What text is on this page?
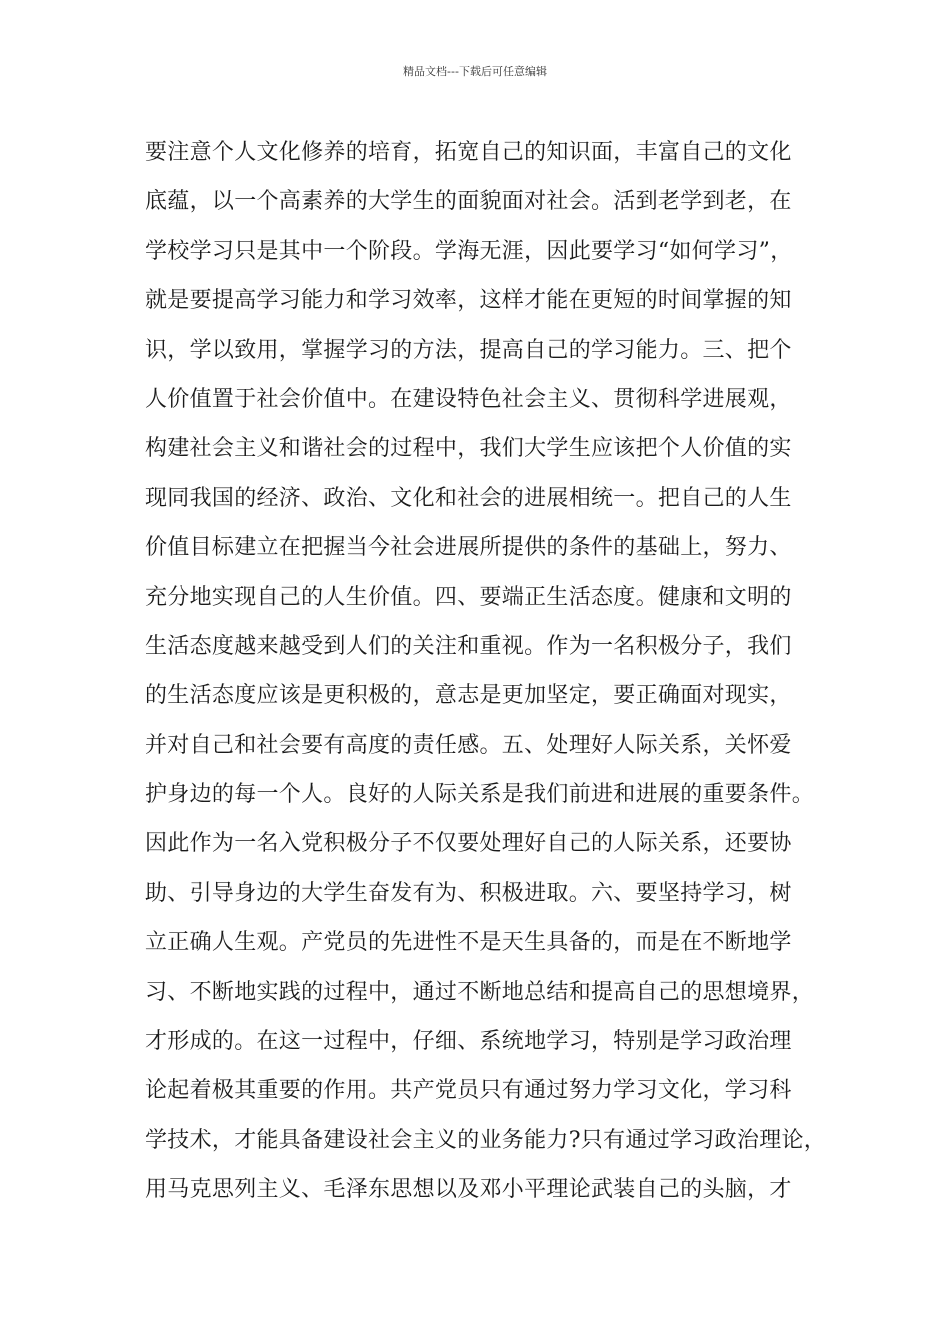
精品文档---下载后可任意编辑
要注意个人文化修养的培育，拓宽自己的知识面，丰富自己的文化
底蕴，以一个高素养的大学生的面貌面对社会。活到老学到老，在
学校学习只是其中一个阶段。学海无涯，因此要学习“如何学习”，
就是要提高学习能力和学习效率，这样才能在更短的时间掌握的知
识，学以致用，掌握学习的方法，提高自己的学习能力。三、把个
人价值置于社会价值中。在建设特色社会主义、贯彻科学进展观，
构建社会主义和谐社会的过程中，我们大学生应该把个人价值的实
现同我国的经济、政治、文化和社会的进展相统一。把自己的人生
价值目标建立在把握当今社会进展所提供的条件的基础上，努力、
充分地实现自己的人生价值。四、要端正生活态度。健康和文明的
生活态度越来越受到人们的关注和重视。作为一名积极分子，我们
的生活态度应该是更积极的，意志是更加坚定，要正确面对现实，
并对自己和社会要有高度的责任感。五、处理好人际关系，关怀爱
护身边的每一个人。良好的人际关系是我们前进和进展的重要条件。
因此作为一名入党积极分子不仅要处理好自己的人际关系，还要协
助、引导身边的大学生奋发有为、积极进取。六、要坚持学习，树
立正确人生观。产党员的先进性不是天生具备的，而是在不断地学
习、不断地实践的过程中，通过不断地总结和提高自己的思想境界，
才形成的。在这一过程中，仔细、系统地学习，特别是学习政治理
论起着极其重要的作用。共产党员只有通过努力学习文化，学习科
学技术，才能具备建设社会主义的业务能力?只有通过学习政治理论，
用马克思列主义、毛泽东思想以及邓小平理论武装自己的头脑，才
